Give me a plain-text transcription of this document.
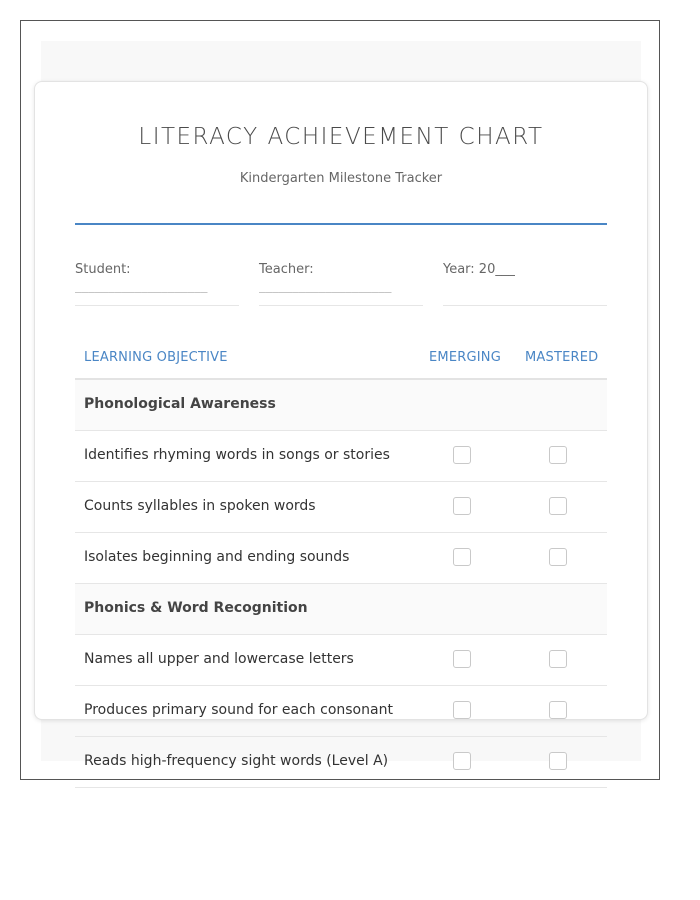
LITERACY ACHIEVEMENT CHART
Kindergarten Milestone Tracker
Student:
____________________
Teacher:
____________________
Year: 20___
LEARNING OBJECTIVE	EMERGING MASTERED
Phonological Awareness
Identifies rhyming words in songs or stories
Counts syllables in spoken words
Isolates beginning and ending sounds
Phonics & Word Recognition
Names all upper and lowercase letters
Produces primary sound for each consonant
Reads high-frequency sight words (Level A)
